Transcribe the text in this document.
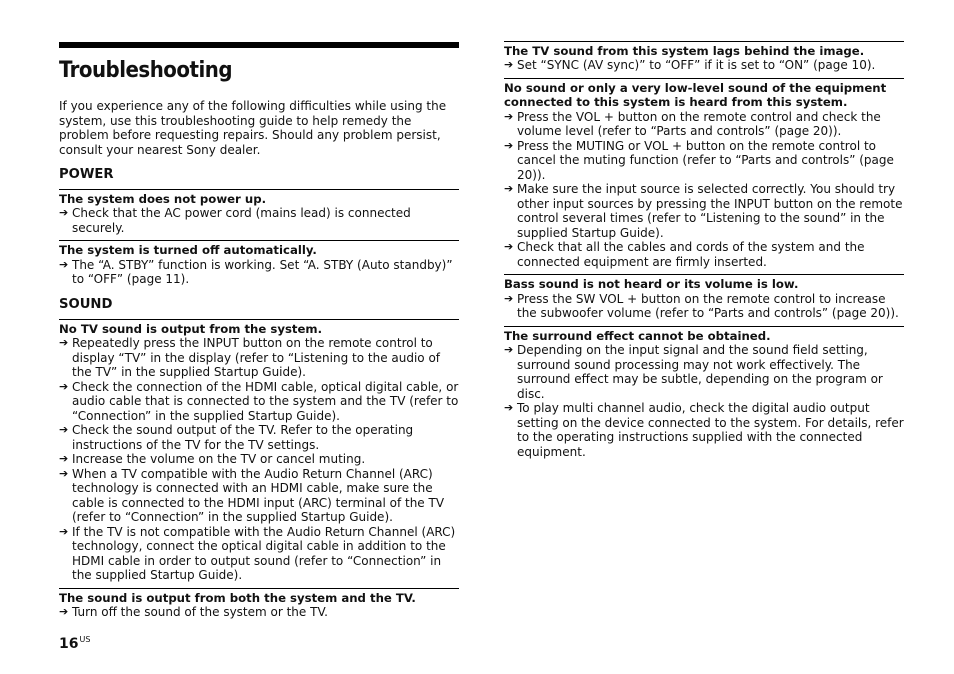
Troubleshooting
If you experience any of the following difficulties while using the system, use this troubleshooting guide to help remedy the problem before requesting repairs. Should any problem persist, consult your nearest Sony dealer.
POWER
The system does not power up.
➔ Check that the AC power cord (mains lead) is connected securely.
The system is turned off automatically.
➔ The “A. STBY” function is working. Set “A. STBY (Auto standby)” to “OFF” (page 11).
SOUND
No TV sound is output from the system.
➔ Repeatedly press the INPUT button on the remote control to display “TV” in the display (refer to “Listening to the audio of the TV” in the supplied Startup Guide).
➔ Check the connection of the HDMI cable, optical digital cable, or audio cable that is connected to the system and the TV (refer to “Connection” in the supplied Startup Guide).
➔ Check the sound output of the TV. Refer to the operating instructions of the TV for the TV settings.
➔ Increase the volume on the TV or cancel muting.
➔ When a TV compatible with the Audio Return Channel (ARC) technology is connected with an HDMI cable, make sure the cable is connected to the HDMI input (ARC) terminal of the TV (refer to “Connection” in the supplied Startup Guide).
➔ If the TV is not compatible with the Audio Return Channel (ARC) technology, connect the optical digital cable in addition to the HDMI cable in order to output sound (refer to “Connection” in the supplied Startup Guide).
The sound is output from both the system and the TV.
➔ Turn off the sound of the system or the TV.
The TV sound from this system lags behind the image.
➔ Set “SYNC (AV sync)” to “OFF” if it is set to “ON” (page 10).
No sound or only a very low-level sound of the equipment connected to this system is heard from this system.
➔ Press the VOL + button on the remote control and check the volume level (refer to “Parts and controls” (page 20)).
➔ Press the MUTING or VOL + button on the remote control to cancel the muting function (refer to “Parts and controls” (page 20)).
➔ Make sure the input source is selected correctly. You should try other input sources by pressing the INPUT button on the remote control several times (refer to “Listening to the sound” in the supplied Startup Guide).
➔ Check that all the cables and cords of the system and the connected equipment are firmly inserted.
Bass sound is not heard or its volume is low.
➔ Press the SW VOL + button on the remote control to increase the subwoofer volume (refer to “Parts and controls” (page 20)).
The surround effect cannot be obtained.
➔ Depending on the input signal and the sound field setting, surround sound processing may not work effectively. The surround effect may be subtle, depending on the program or disc.
➔ To play multi channel audio, check the digital audio output setting on the device connected to the system. For details, refer to the operating instructions supplied with the connected equipment.
$16^{US}$
